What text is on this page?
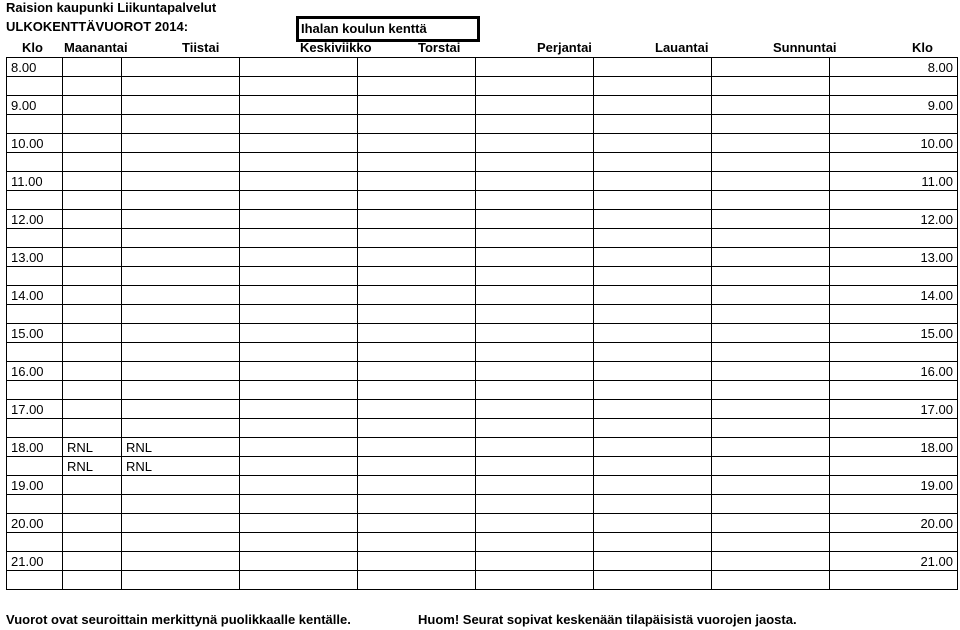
Raision kaupunki Liikuntapalvelut
ULKOKENTTÄVUOROT 2014:	Ihalan koulun kenttä
Klo Maanantai	Tiistai	Keskiviikko	Torstai	Perjantai	Lauantai	Sunnuntai	Klo
8.00								8.00

9.00								9.00

10.00								10.00

11.00								11.00

12.00								12.00

13.00								13.00

14.00								14.00

15.00								15.00

16.00								16.00

17.00								17.00

18.00	RNL	RNL						18.00
	RNL	RNL						
19.00								19.00

20.00								20.00

21.00								21.00

Vuorot ovat seuroittain merkittynä puolikkaalle kentälle.	Huom! Seurat sopivat keskenään tilapäisistä vuorojen jaosta.
